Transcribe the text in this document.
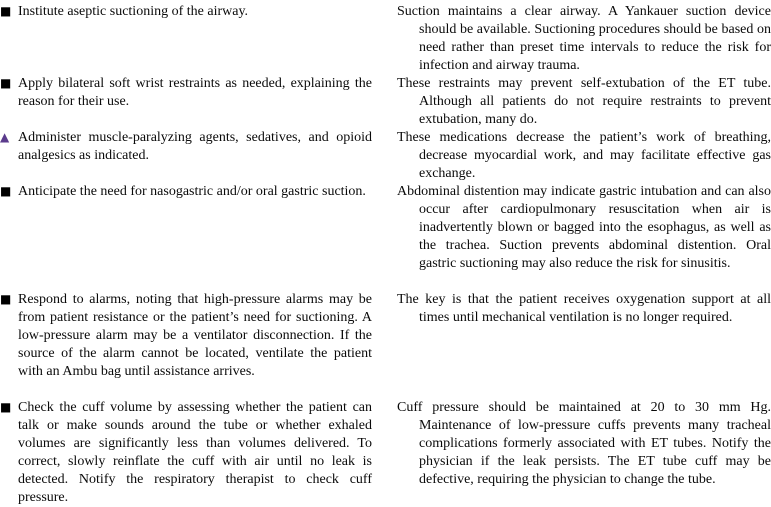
■ Institute aseptic suctioning of the airway.	Suction maintains a clear airway. A Yankauer suction device should be available. Suctioning procedures should be based on need rather than preset time intervals to reduce the risk for infection and airway trauma.

■ Apply bilateral soft wrist restraints as needed, explaining the reason for their use.

These restraints may prevent self-extubation of the ET tube. Although all patients do not require restraints to prevent extubation, many do.

▲ Administer muscle-paralyzing agents, sedatives, and opioid analgesics as indicated.

These medications decrease the patient’s work of breathing, decrease myocardial work, and may facilitate effective gas exchange.

■ Anticipate the need for nasogastric and/or oral gastric suction.	Abdominal distention may indicate gastric intubation and can also occur after cardiopulmonary resuscitation when air is inadvertently blown or bagged into the esophagus, as well as the trachea. Suction prevents abdominal distention. Oral gastric suctioning may also reduce the risk for sinusitis.

■ Respond to alarms, noting that high-pressure alarms may be from patient resistance or the patient’s need for suctioning. A low-pressure alarm may be a ventilator disconnection. If the source of the alarm cannot be located, ventilate the patient with an Ambu bag until assistance arrives.

The key is that the patient receives oxygenation support at all times until mechanical ventilation is no longer required.

■ Check the cuff volume by assessing whether the patient can talk or make sounds around the tube or whether exhaled volumes are significantly less than volumes delivered. To correct, slowly reinflate the cuff with air until no leak is detected. Notify the respiratory therapist to check cuff pressure.

Cuff pressure should be maintained at 20 to 30 mm Hg. Maintenance of low-pressure cuffs prevents many tracheal complications formerly associated with ET tubes. Notify the physician if the leak persists. The ET tube cuff may be defective, requiring the physician to change the tube.
